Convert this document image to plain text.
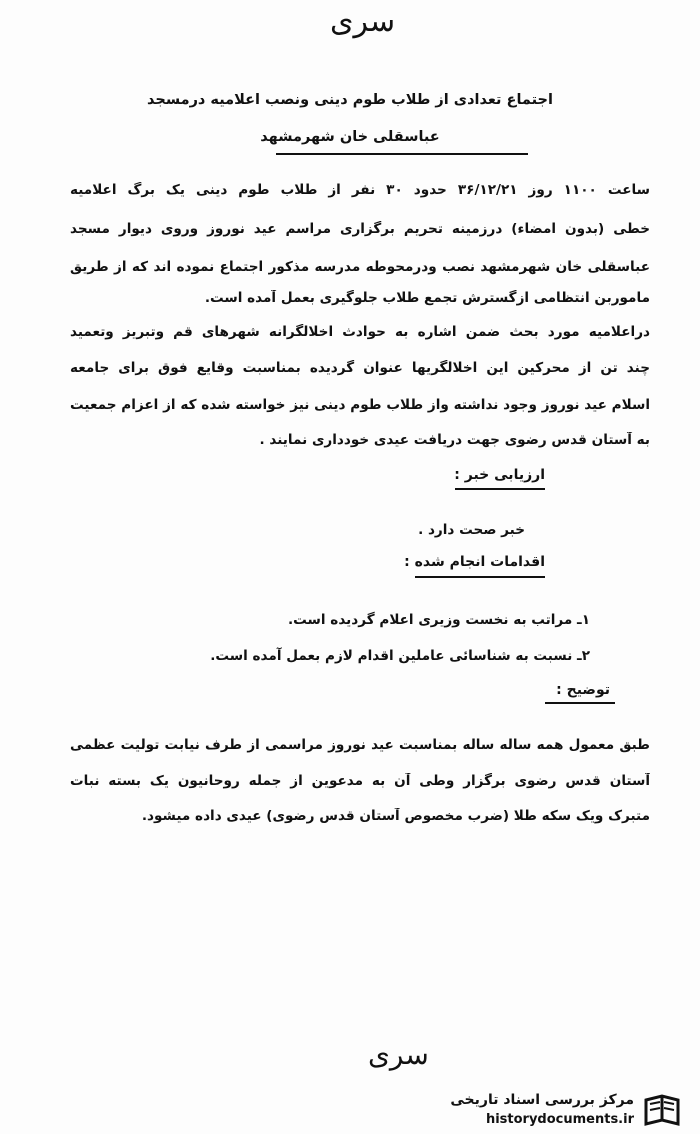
سری
اجتماع تعدادی از طلاب طوم دینی ونصب اعلامیه درمسجد
عباسقلی خان شهرمشهد
ساعت ۱۱۰۰ روز ۳۶/۱۲/۲۱ حدود ۳۰ نفر از طلاب طوم دینی یک برگ اعلامیه
خطی (بدون امضاء) درزمینه تحریم برگزاری مراسم عید نوروز وروی دیوار مسجد
عباسقلی خان شهرمشهد نصب ودرمحوطه مدرسه مذکور اجتماع نموده اند که از طریق
ماموربن انتظامی ازگسترش تجمع طلاب جلوگیری بعمل آمده است.
دراعلامیه مورد بحث ضمن اشاره به حوادث اخلالگرانه شهرهای قم وتبریز وتعمید
چند تن از محرکین این اخلالگریها عنوان گردیده بمناسبت وقایع فوق برای جامعه
اسلام عید نوروز وجود نداشته واز طلاب طوم دینی نیز خواسته شده که از اعزام جمعیت
به آستان قدس رضوی جهت دریافت عیدی خودداری نمایند .
ارزیابی خبر :
خبر صحت دارد .
اقدامات انجام شده :
۱ـ مراتب به نخست وزیری اعلام گردیده است.
۲ـ نسبت به شناسائی عاملین اقدام لازم بعمل آمده است.
توضیح :
طبق معمول همه ساله ساله بمناسبت عید نوروز مراسمی از طرف نیابت تولیت عظمی
آستان قدس رضوی برگزار وطی آن به مدعوین از جمله روحانیون یک بسته نبات
متبرک ویک سکه طلا (ضرب مخصوص آستان قدس رضوی) عیدی داده میشود.
سری
مرکز بررسی اسناد تاریخی
historydocuments.ir
